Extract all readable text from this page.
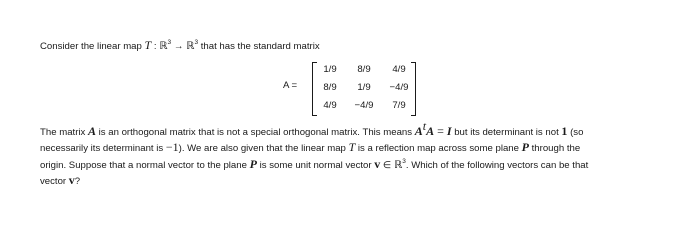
Consider the linear map T : ℝ$^3$ → ℝ$^3$ that has the standard matrix
A =
1/9	8/9	4/9
8/9	1/9	−4/9
4/9	−4/9	7/9

The matrix A is an orthogonal matrix that is not a special orthogonal matrix. This means $A^tA = I$ but its determinant is not 1 (so

necessarily its determinant is −1). We are also given that the linear map T is a reflection map across some plane P through the

origin. Suppose that a normal vector to the plane P is some unit normal vector v ∈ ℝ$^3$. Which of the following vectors can be that

vector v?
